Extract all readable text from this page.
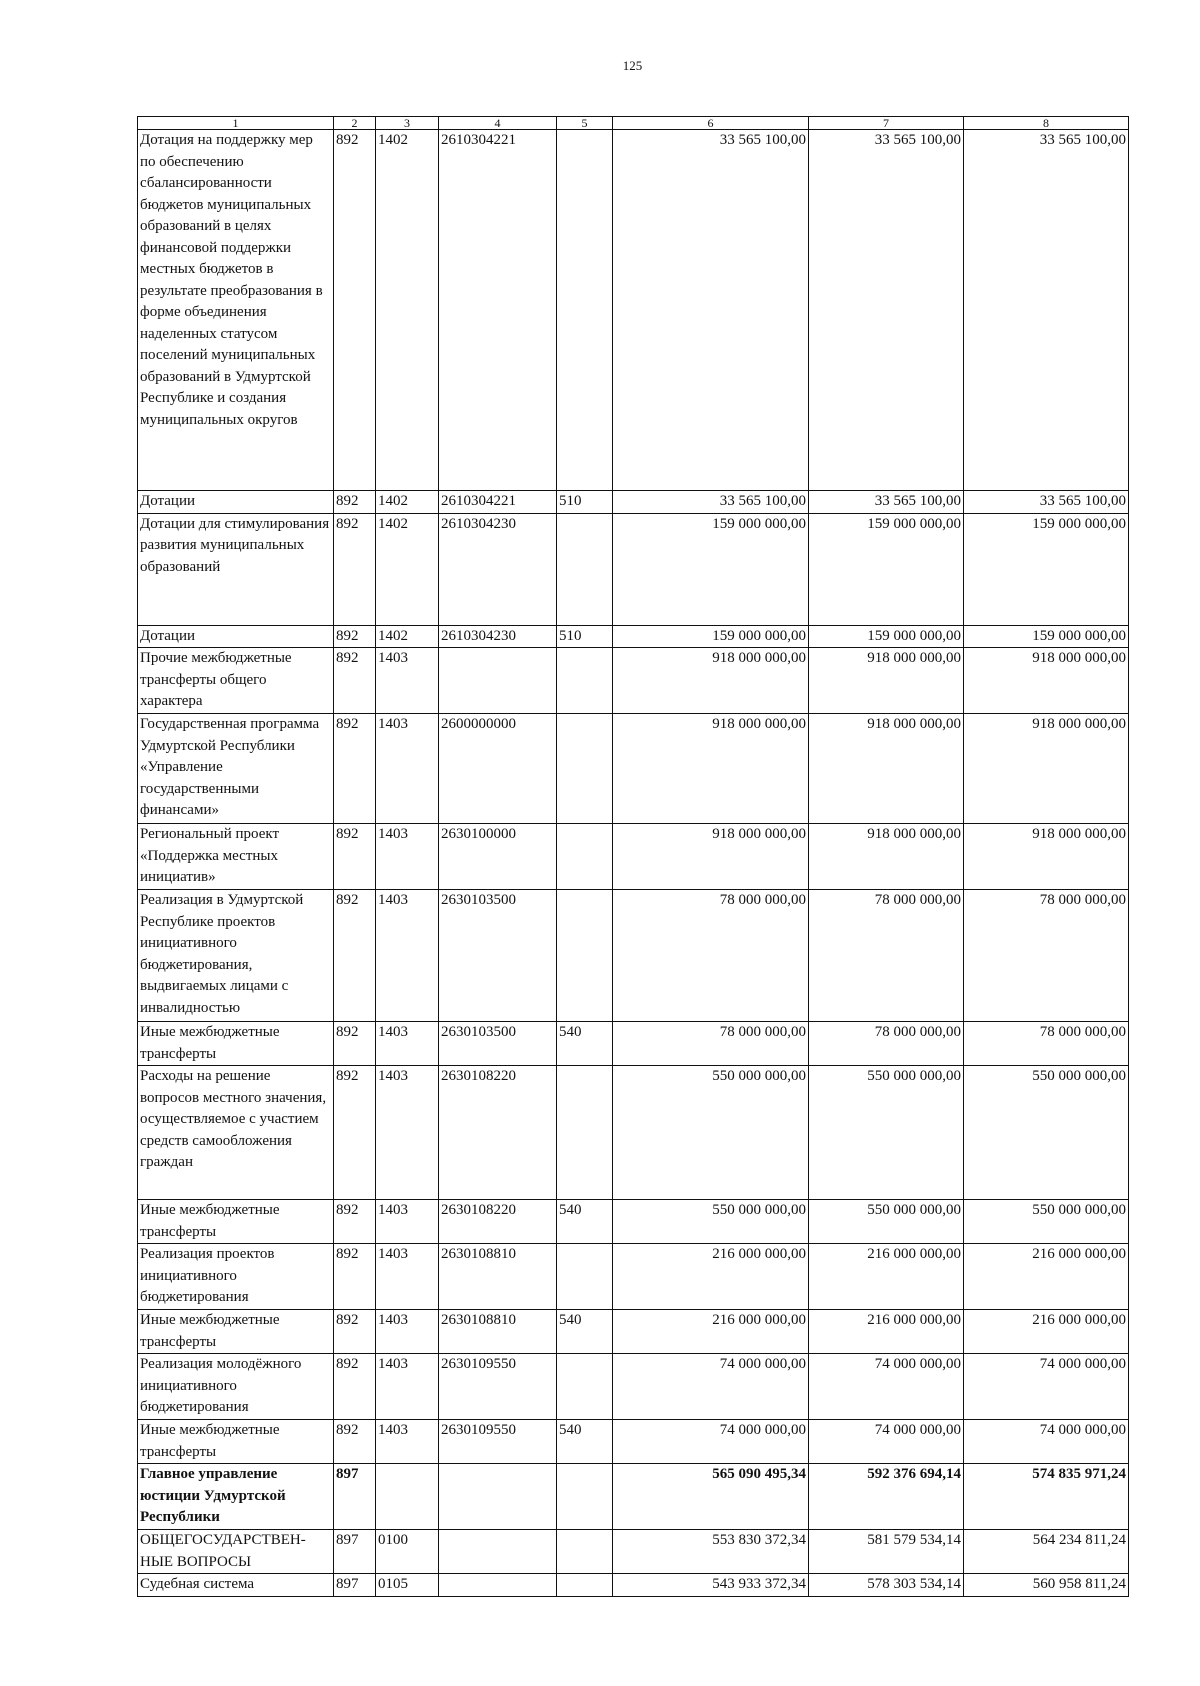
125
1	2	3	4	5	6	7	8
Дотация на поддержку мер по обеспечению сбалансированности бюджетов муниципальных образований в целях финансовой поддержки местных бюджетов в результате преобразования в форме объединения наделенных статусом поселений муниципальных образований в Удмуртской Республике и создания муниципальных округов	892	1402	2610304221		33 565 100,00	33 565 100,00	33 565 100,00
Дотации	892	1402	2610304221	510	33 565 100,00	33 565 100,00	33 565 100,00
Дотации для стимулирования развития муниципальных образований	892	1402	2610304230		159 000 000,00	159 000 000,00	159 000 000,00
Дотации	892	1402	2610304230	510	159 000 000,00	159 000 000,00	159 000 000,00
Прочие межбюджетные трансферты общего характера	892	1403			918 000 000,00	918 000 000,00	918 000 000,00
Государственная программа Удмуртской Республики «Управление государственными финансами»	892	1403	2600000000		918 000 000,00	918 000 000,00	918 000 000,00
Региональный проект «Поддержка местных инициатив»	892	1403	2630100000		918 000 000,00	918 000 000,00	918 000 000,00
Реализация в Удмуртской Республике проектов инициативного бюджетирования, выдвигаемых лицами с инвалидностью	892	1403	2630103500		78 000 000,00	78 000 000,00	78 000 000,00
Иные межбюджетные трансферты	892	1403	2630103500	540	78 000 000,00	78 000 000,00	78 000 000,00
Расходы на решение вопросов местного значения, осуществляемое с участием средств самообложения граждан	892	1403	2630108220		550 000 000,00	550 000 000,00	550 000 000,00
Иные межбюджетные трансферты	892	1403	2630108220	540	550 000 000,00	550 000 000,00	550 000 000,00
Реализация проектов инициативного бюджетирования	892	1403	2630108810		216 000 000,00	216 000 000,00	216 000 000,00
Иные межбюджетные трансферты	892	1403	2630108810	540	216 000 000,00	216 000 000,00	216 000 000,00
Реализация молодёжного инициативного бюджетирования	892	1403	2630109550		74 000 000,00	74 000 000,00	74 000 000,00
Иные межбюджетные трансферты	892	1403	2630109550	540	74 000 000,00	74 000 000,00	74 000 000,00
Главное управление юстиции Удмуртской Республики	897				565 090 495,34	592 376 694,14	574 835 971,24
ОБЩЕГОСУДАРСТВЕН-НЫЕ ВОПРОСЫ	897	0100			553 830 372,34	581 579 534,14	564 234 811,24
Судебная система	897	0105			543 933 372,34	578 303 534,14	560 958 811,24
